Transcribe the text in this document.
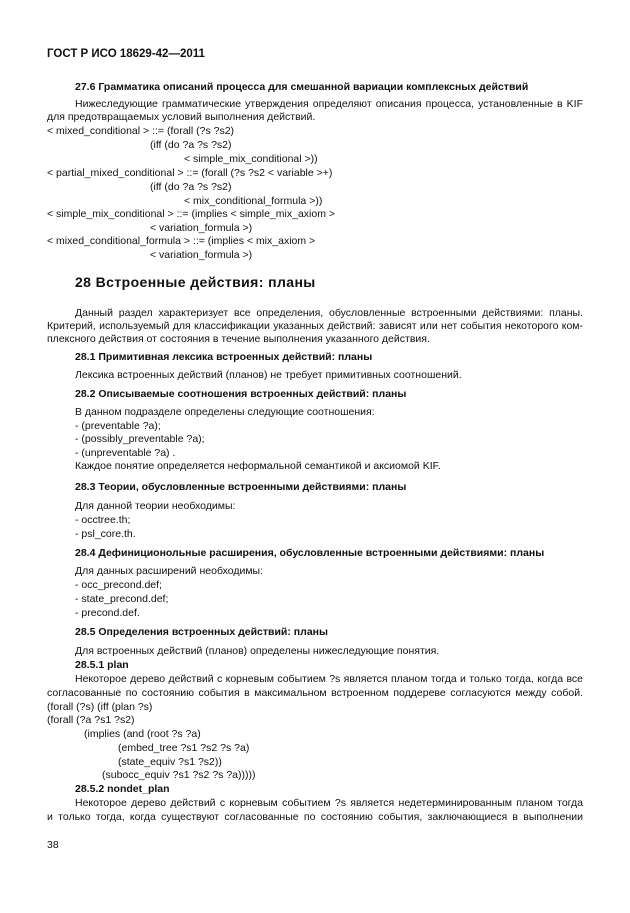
ГОСТ Р ИСО 18629-42—2011
27.6 Грамматика описаний процесса для смешанной вариации комплексных действий
Нижеследующие грамматические утверждения определяют описания процесса, установленные в KIF
для предотвращаемых условий выполнения действий.
< mixed_conditional > ::= (forall (?s ?s2)
(iff (do ?a ?s ?s2)
< simple_mix_conditional >))
< partial_mixed_conditional > ::= (forall (?s ?s2 < variable >+)
(iff (do ?a ?s ?s2)
< mix_conditional_formula >))
< simple_mix_conditional > ::= (implies < simple_mix_axiom >
< variation_formula >)
< mixed_conditional_formula > ::= (implies < mix_axiom >
< variation_formula >)
28 Встроенные действия: планы
Данный раздел характеризует все определения, обусловленные встроенными действиями: планы.
Критерий, используемый для классификации указанных действий: зависят или нет события некоторого ком-
плексного действия от состояния в течение выполнения указанного действия.
28.1 Примитивная лексика встроенных действий: планы
Лексика встроенных действий (планов) не требует примитивных соотношений.
28.2 Описываемые соотношения встроенных действий: планы
В данном подразделе определены следующие соотношения:
- (preventable ?a);
- (possibly_preventable ?a);
- (unpreventable ?a) .
Каждое понятие определяется неформальной семантикой и аксиомой KIF.
28.3 Теории, обусловленные встроенными действиями: планы
Для данной теории необходимы:
- occtree.th;
- psl_core.th.
28.4 Дефиниционольные расширения, обусловленные встроенными действиями: планы
Для данных расширений необходимы:
- occ_precond.def;
- state_precond.def;
- precond.def.
28.5 Определения встроенных действий: планы
Для встроенных действий (планов) определены нижеследующие понятия.
28.5.1 plan
Некоторое дерево действий с корневым событием ?s является планом тогда и только тогда, когда все
согласованные по состоянию события в максимальном встроенном поддереве согласуются между собой.
(forall (?s) (iff (plan ?s)
(forall (?a ?s1 ?s2)
(implies (and (root ?s ?a)
(embed_tree ?s1 ?s2 ?s ?a)
(state_equiv ?s1 ?s2))
(subocc_equiv ?s1 ?s2 ?s ?a)))))
28.5.2 nondet_plan
Некоторое дерево действий с корневым событием ?s является недетерминированным планом тогда
и только тогда, когда существуют согласованные по состоянию события, заключающиеся в выполнении
38
